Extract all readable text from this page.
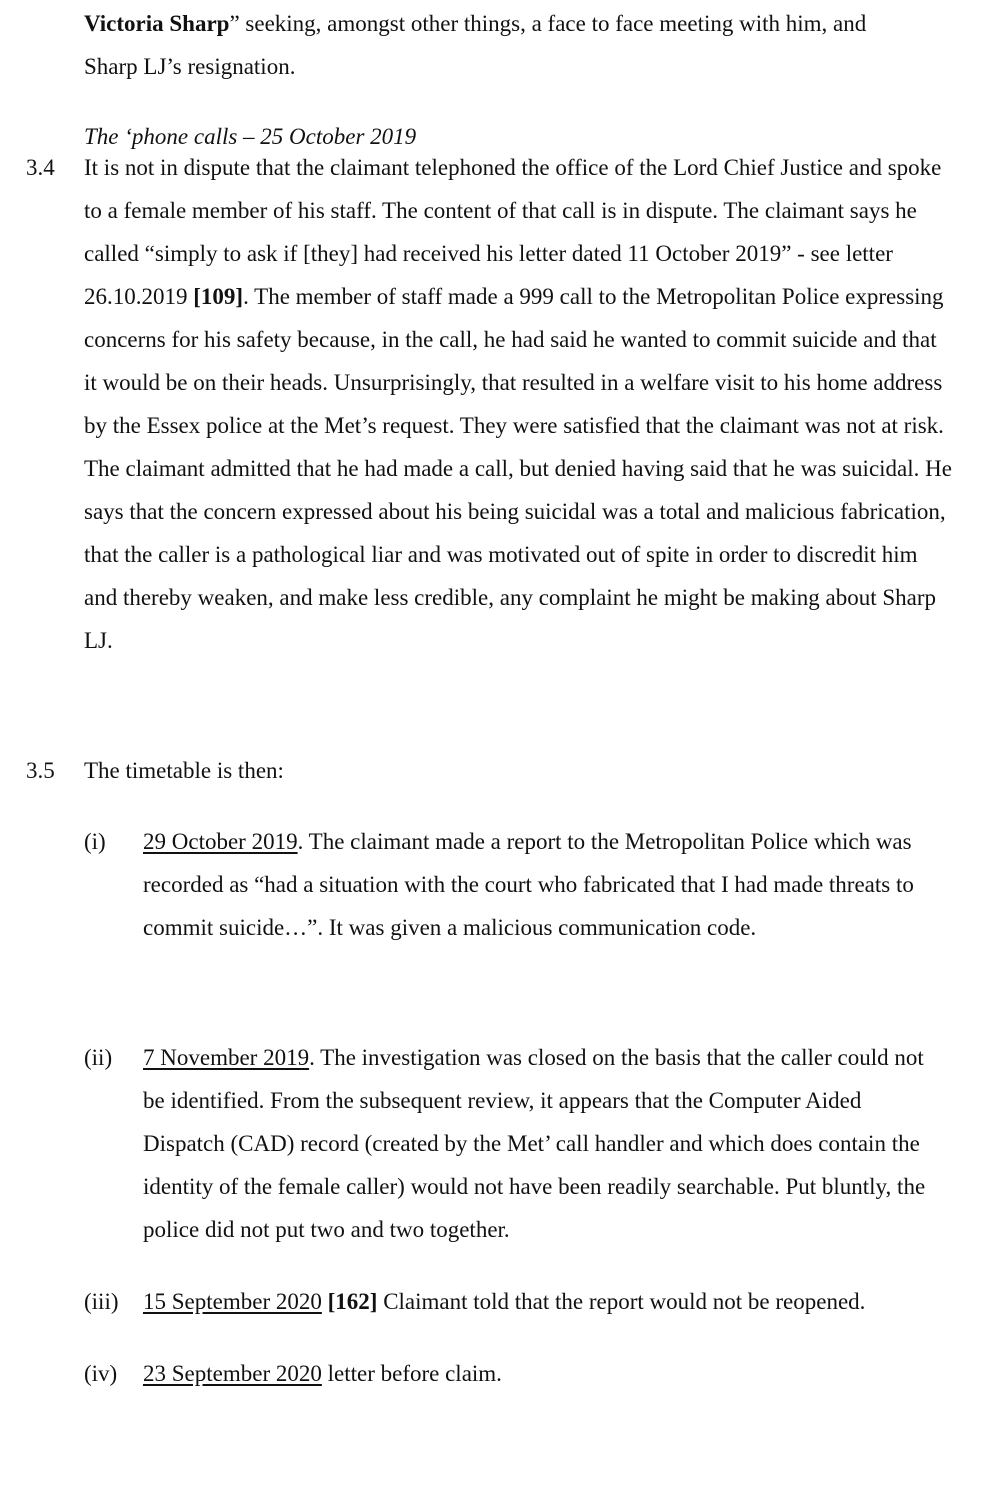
Victoria Sharp” seeking, amongst other things, a face to face meeting with him, and
Sharp LJ’s resignation.
The ‘phone calls – 25 October 2019
3.4 It is not in dispute that the claimant telephoned the office of the Lord Chief Justice and spoke to a female member of his staff. The content of that call is in dispute. The claimant says he called “simply to ask if [they] had received his letter dated 11 October 2019” - see letter 26.10.2019 [109]. The member of staff made a 999 call to the Metropolitan Police expressing concerns for his safety because, in the call, he had said he wanted to commit suicide and that it would be on their heads. Unsurprisingly, that resulted in a welfare visit to his home address by the Essex police at the Met’s request. They were satisfied that the claimant was not at risk. The claimant admitted that he had made a call, but denied having said that he was suicidal. He says that the concern expressed about his being suicidal was a total and malicious fabrication, that the caller is a pathological liar and was motivated out of spite in order to discredit him and thereby weaken, and make less credible, any complaint he might be making about Sharp LJ.
3.5 The timetable is then:
(i) 29 October 2019. The claimant made a report to the Metropolitan Police which was recorded as “had a situation with the court who fabricated that I had made threats to commit suicide…”. It was given a malicious communication code.
(ii) 7 November 2019. The investigation was closed on the basis that the caller could not be identified. From the subsequent review, it appears that the Computer Aided Dispatch (CAD) record (created by the Met’ call handler and which does contain the identity of the female caller) would not have been readily searchable. Put bluntly, the police did not put two and two together.
(iii) 15 September 2020 [162] Claimant told that the report would not be reopened.
(iv) 23 September 2020 letter before claim.
